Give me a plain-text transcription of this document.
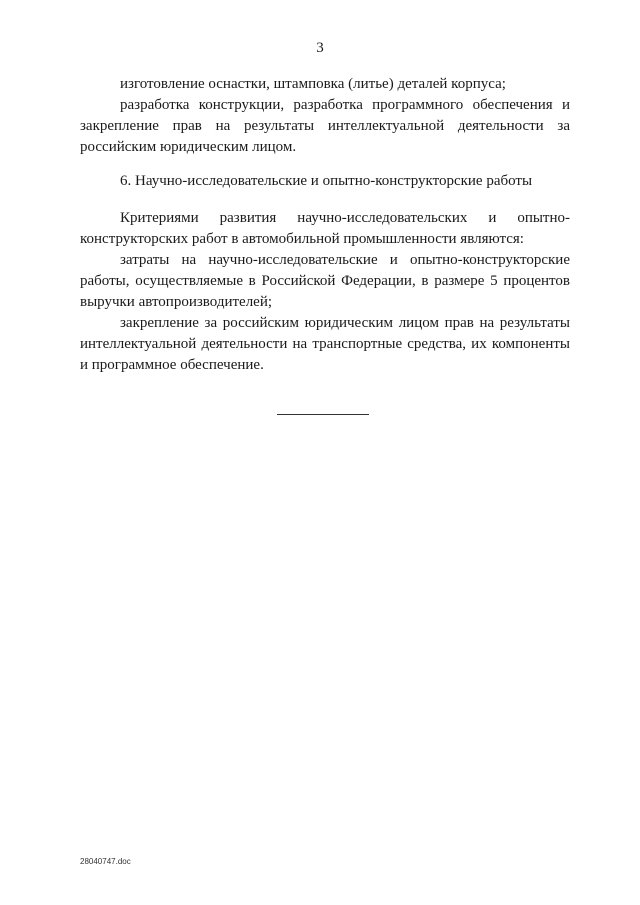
3

изготовление оснастки, штамповка (литье) деталей корпуса;

разработка конструкции, разработка программного обеспечения и закрепление прав на результаты интеллектуальной деятельности за российским юридическим лицом.

6. Научно-исследовательские и опытно-конструкторские работы

Критериями развития научно-исследовательских и опытно-конструкторских работ в автомобильной промышленности являются:

затраты на научно-исследовательские и опытно-конструкторские работы, осуществляемые в Российской Федерации, в размере 5 процентов выручки автопроизводителей;

закрепление за российским юридическим лицом прав на результаты интеллектуальной деятельности на транспортные средства, их компоненты и программное обеспечение.

28040747.doc
